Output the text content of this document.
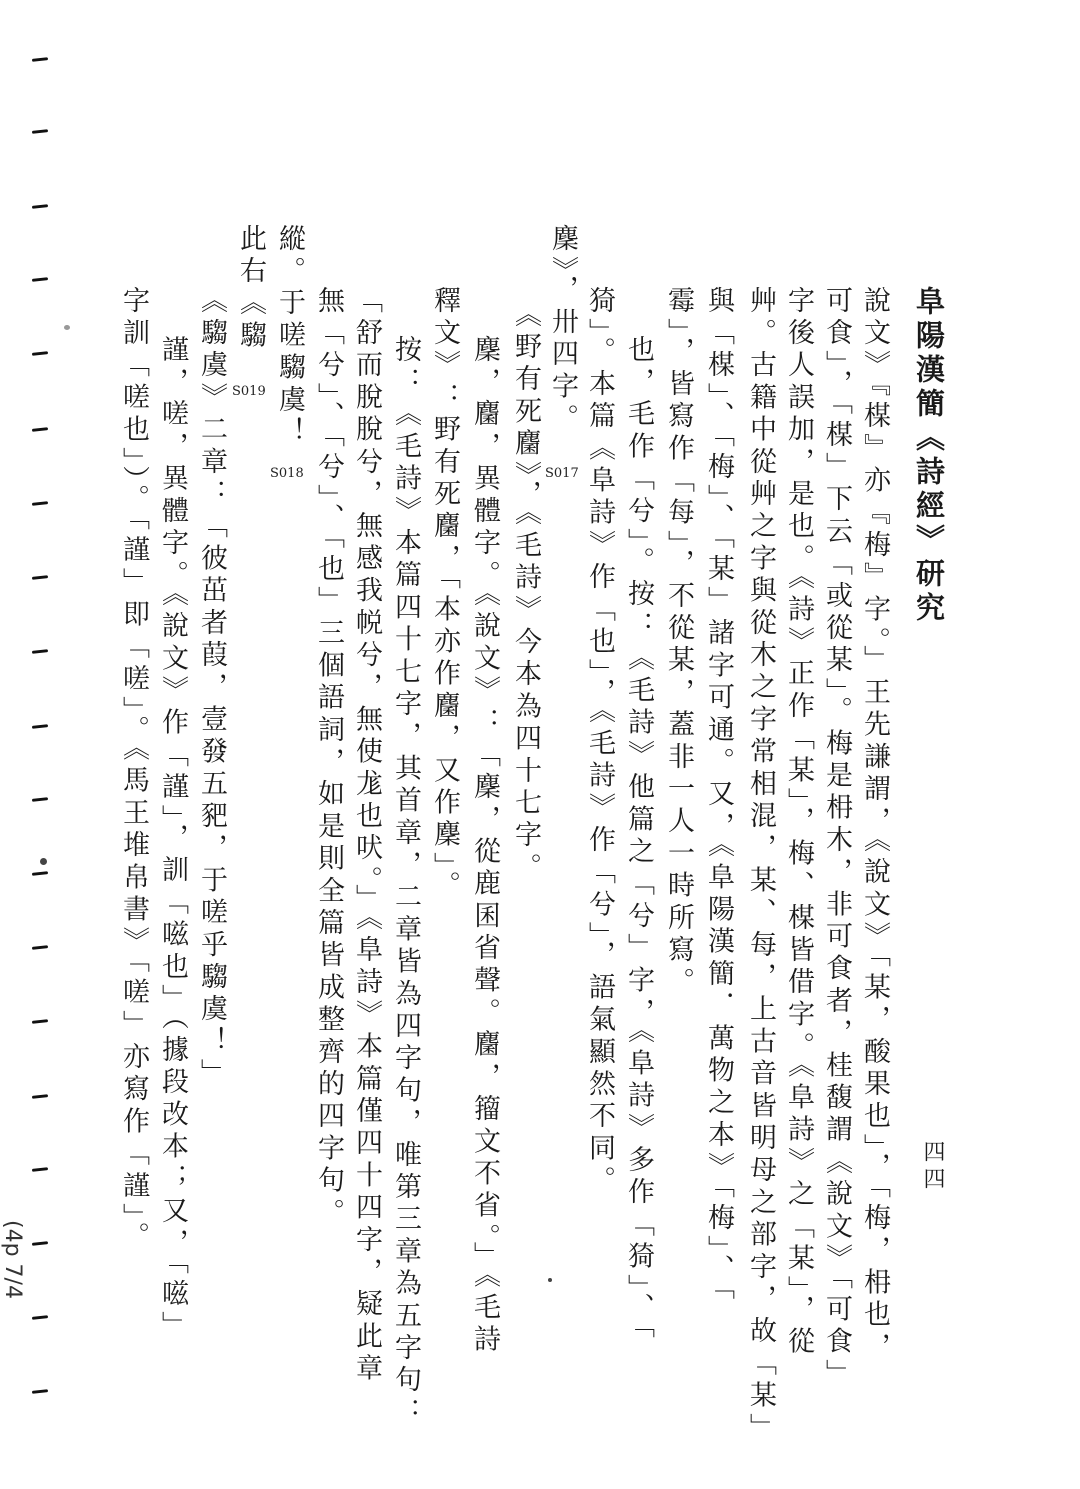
(4p 7/4
阜陽漢簡《詩經》研究
四四
說文》『楳』亦『梅』字。」王先謙謂，《說文》「某，酸果也」，「梅，枏也，
可食」，「楳」下云「或從某」。梅是枏木，非可食者，桂馥謂《說文》「可食」
字後人誤加，是也。《詩》正作「某」，梅、楳皆借字。《阜詩》之「某」，從
艸。古籍中從艸之字與從木之字常相混，某、每，上古音皆明母之部字，故「某」
與「楳」、「梅」、「某」諸字可通。又，《阜陽漢簡．萬物之本》「梅」、「
霉」，皆寫作「每」，不從某，蓋非一人一時所寫。
也，毛作「兮」。按：《毛詩》他篇之「兮」字，《阜詩》多作「猗」、「
猗」。本篇《阜詩》作「也」，《毛詩》作「兮」，語氣顯然不同。
麇》，卅四字。
《野有死麕》，《毛詩》今本為四十七字。
麇，麕，異體字。《說文》：「麇，從鹿囷省聲。麕，籀文不省。」《毛詩
釋文》：野有死麕，「本亦作麕，又作麇」。
按：《毛詩》本篇四十七字，其首章，二章皆為四字句，唯第三章為五字句：
「舒而脫脫兮，無感我帨兮，無使尨也吠。」《阜詩》本篇僅四十四字，疑此章
無「兮」、「兮」、「也」三個語詞，如是則全篇皆成整齊的四字句。
縱。于嗟騶虞！
此右《騶
《騶虞》二章：「彼茁者葭，壹發五豝，于嗟乎騶虞！」
謹，嗟，異體字。《說文》作「謹」，訓「嗞也」（據段改本；又，「嗞」
字訓「嗟也」）。「謹」即「嗟」。《馬王堆帛書》「嗟」亦寫作「謹」。	S017
S018
S019
